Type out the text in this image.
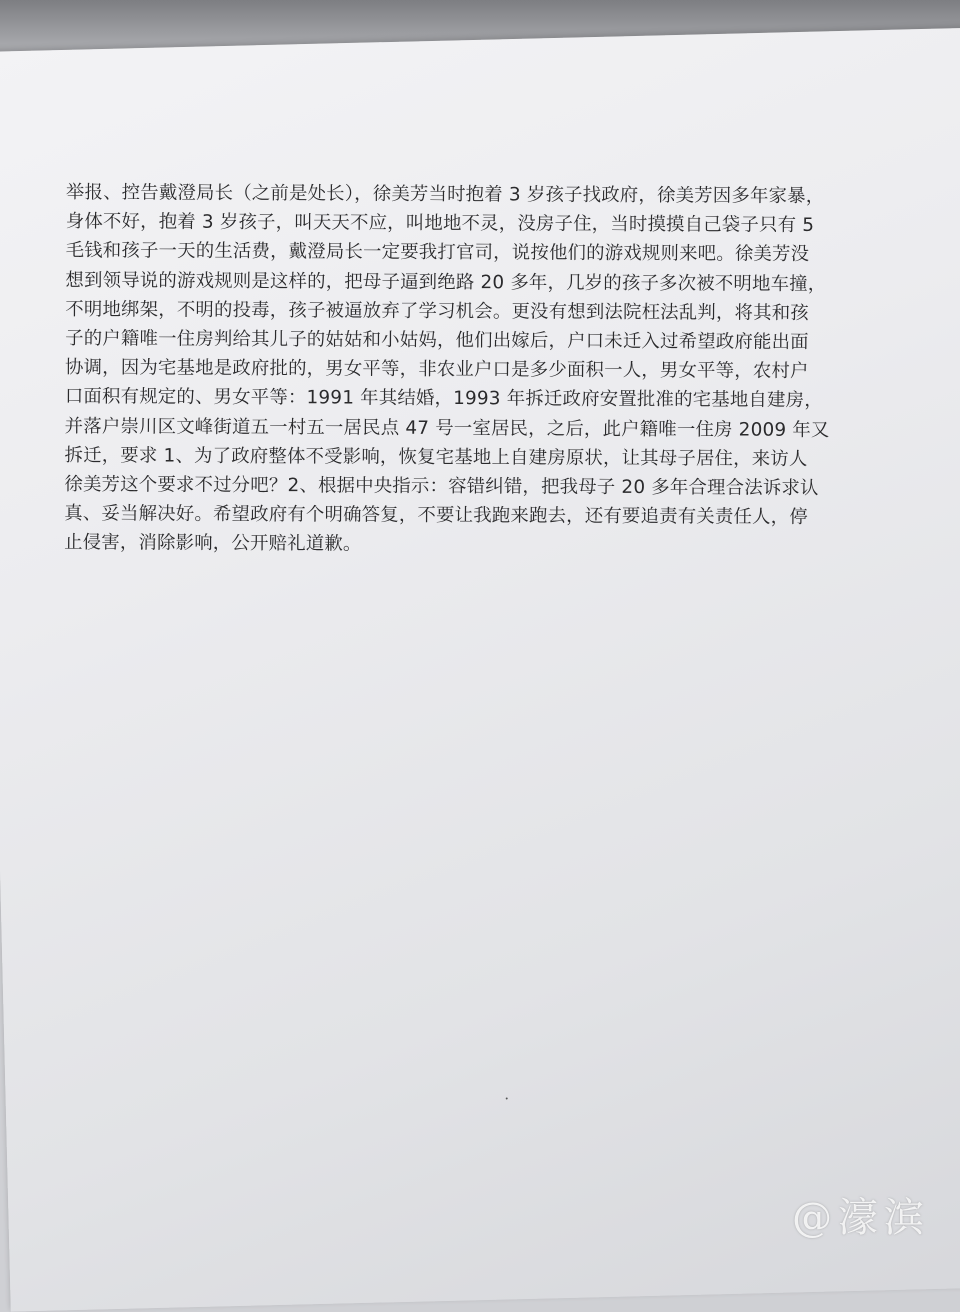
举报、控告戴澄局长（之前是处长），徐美芳当时抱着 3 岁孩子找政府，徐美芳因多年家暴，
身体不好，抱着 3 岁孩子，叫天天不应，叫地地不灵，没房子住，当时摸摸自己袋子只有 5
毛钱和孩子一天的生活费，戴澄局长一定要我打官司，说按他们的游戏规则来吧。徐美芳没
想到领导说的游戏规则是这样的，把母子逼到绝路 20 多年，几岁的孩子多次被不明地车撞，
不明地绑架，不明的投毒，孩子被逼放弃了学习机会。更没有想到法院枉法乱判，将其和孩
子的户籍唯一住房判给其儿子的姑姑和小姑妈，他们出嫁后，户口未迁入过希望政府能出面
协调，因为宅基地是政府批的，男女平等，非农业户口是多少面积一人，男女平等，农村户
口面积有规定的、男女平等：1991 年其结婚，1993 年拆迁政府安置批准的宅基地自建房，
并落户崇川区文峰街道五一村五一居民点 47 号一室居民，之后，此户籍唯一住房 2009 年又
拆迁，要求 1、为了政府整体不受影响，恢复宅基地上自建房原状，让其母子居住，来访人
徐美芳这个要求不过分吧？2、根据中央指示：容错纠错，把我母子 20 多年合理合法诉求认
真、妥当解决好。希望政府有个明确答复，不要让我跑来跑去，还有要追责有关责任人，停
止侵害，消除影响，公开赔礼道歉。
@濠滨
